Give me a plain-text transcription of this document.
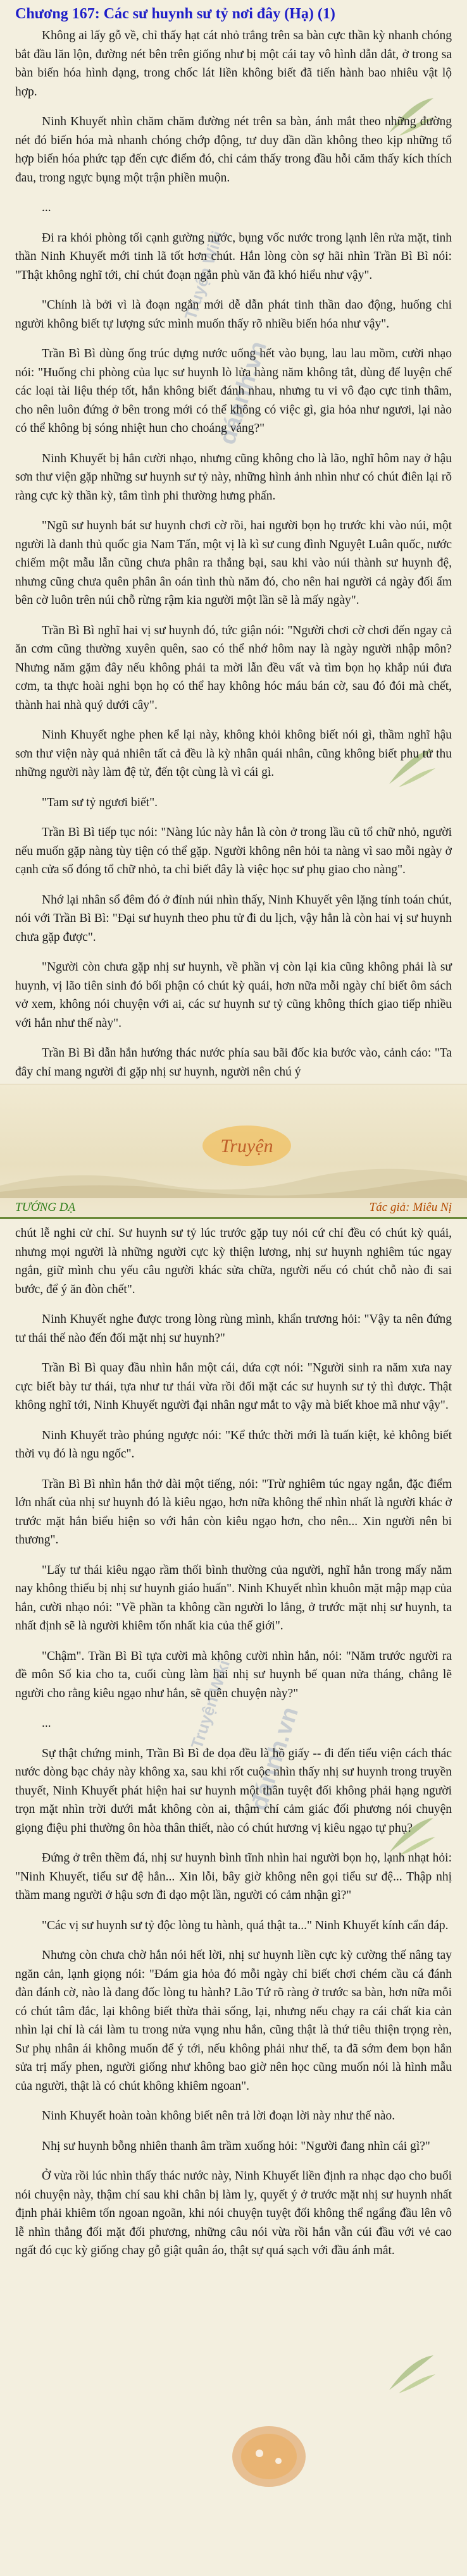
Truyện Wiki
đánnh.vn
Truyện Wiki đánnh.vn
Chương 167: Các sư huynh sư tỷ nơi đây (Hạ) (1)

Không ai lấy gỗ về, chỉ thấy hạt cát nhỏ trắng trên sa bàn cực thần kỳ nhanh chóng bắt đầu lăn lộn, đường nét bên trên giống như bị một cái tay vô hình dẫn dắt, ở trong sa bàn biến hóa hình dạng, trong chốc lát liền không biết đã tiến hành bao nhiêu vật lộ hợp.

Ninh Khuyết nhìn chăm chăm đường nét trên sa bàn, ánh mắt theo những đường nét đó biến hóa mà nhanh chóng chớp động, tư duy dần dần không theo kịp những tổ hợp biến hóa phức tạp đến cực điểm đó, chỉ cảm thấy trong đầu hỗi căm thấy kích thích đau, trong ngực bụng một trận phiền muộn.

...

Đi ra khỏi phòng tối cạnh gường nước, bụng vốc nước trong lạnh lên rửa mặt, tinh thần Ninh Khuyết mới tinh lã tốt hơn chút. Hắn lòng còn sợ hãi nhìn Trần Bì Bì nói: "Thật không nghĩ tới, chỉ chút đoạn ngắn phù văn đã khó hiểu như vậy".

"Chính là bởi vì là đoạn ngắn mới dễ dẫn phát tinh thần dao động, huống chi người không biết tự lượng sức mình muốn thấy rõ nhiều biến hóa như vậy".

Trần Bì Bì dùng ống trúc dựng nước uống hết vào bụng, lau lau mồm, cười nhạo nói: "Huống chi phòng của lục sư huynh lò lửa hàng năm không tắt, dùng để luyện chế các loại tài liệu thép tốt, hắn không biết đánh nhau, nhưng tu vi vô đạo cực tinh thâm, cho nên luôn đứng ở bên trong mới có thể không có việc gì, gia hỏa như ngươi, lại nào có thể không bị sóng nhiệt hun cho choáng váng?"

Ninh Khuyết bị hắn cười nhạo, nhưng cũng không cho là lão, nghĩ hôm nay ở hậu sơn thư viện gặp những sư huynh sư tỷ này, những hình ảnh nhìn như có chút điên lại rõ ràng cực kỳ thần kỳ, tâm tình phi thường hưng phấn.

"Ngũ sư huynh bát sư huynh chơi cờ rồi, hai người bọn họ trước khi vào núi, một người là danh thủ quốc gia Nam Tấn, một vị là kì sư cung đình Nguyệt Luân quốc, nước chiếm một mẫu lẫn cũng chưa phân ra thắng bại, sau khi vào núi thành sư huynh đệ, nhưng cũng chưa quên phân ân oán tình thù năm đó, cho nên hai người cả ngày đối ẩm bên cờ luôn trên núi chỗ rừng rậm kia người một lần sẽ là mấy ngày".

Trần Bì Bì nghĩ hai vị sư huynh đó, tức giận nói: "Người chơi cờ chơi đến ngay cả ăn cơm cũng thường xuyên quên, sao có thể nhớ hôm nay là ngày người nhập môn? Nhưng năm gặm đây nếu không phải ta mời lẫn đều vất và tìm bọn họ khắp núi đưa cơm, ta thực hoài nghi bọn họ có thể hay không hóc máu bán cờ, sau đó đói mà chết, thành hai nhà quý dưới cây".

Ninh Khuyết nghe phen kể lại này, không khỏi không biết nói gì, thầm nghĩ hậu sơn thư viện này quả nhiên tất cả đều là kỳ nhân quái nhân, cũng không biết phu tử thu những người này làm đệ tử, đến tột cùng là vì cái gì.

"Tam sư tỷ ngươi biết".

Trần Bì Bì tiếp tục nói: "Nàng lúc này hẳn là còn ở trong lầu cũ tổ chữ nhỏ, người nếu muốn gặp nàng tùy tiện có thể gặp. Người không nên hỏi ta nàng vì sao mỗi ngày ở cạnh cửa sổ đóng tổ chữ nhỏ, ta chỉ biết đây là việc học sư phụ giao cho nàng".

Nhớ lại nhân sổ đêm đó ở đỉnh núi nhìn thấy, Ninh Khuyết yên lặng tính toán chút, nói với Trần Bì Bì: "Đại sư huynh theo phu tử đi du lịch, vậy hẳn là còn hai vị sư huynh chưa gặp được".

"Người còn chưa gặp nhị sư huynh, về phần vị còn lại kia cũng không phải là sư huynh, vị lão tiên sinh đó bối phận có chút kỳ quái, hơn nữa mỗi ngày chỉ biết ôm sách vở xem, không nói chuyện với ai, các sư huynh sư tỷ cũng không thích giao tiếp nhiều với hắn như thế này".

Trần Bì Bì dẫn hắn hướng thác nước phía sau bãi đốc kia bước vào, cảnh cáo: "Ta đây chỉ mang người đi gặp nhị sư huynh, người nên chú ý

Truyện
TƯỚNG DẠ	Tác giả: Miêu Nị

chút lễ nghi cử chỉ. Sư huynh sư tỷ lúc trước gặp tuy nói cứ chỉ đều có chút kỳ quái, nhưng mọi người là những người cực kỳ thiện lương, nhị sư huynh nghiêm túc ngay ngắn, giữ mình chu yếu câu người khác sửa chữa, người nếu có chút chỗ nào đi sai bước, để ý ăn đòn chết".

Ninh Khuyết nghe được trong lòng rùng mình, khẩn trương hỏi: "Vậy ta nên đứng tư thái thế nào đến đối mặt nhị sư huynh?"

Trần Bì Bì quay đầu nhìn hắn một cái, dứa cợt nói: "Người sinh ra năm xưa nay cực biết bày tư thái, tựa như tư thái vừa rồi đối mặt các sư huynh sư tỷ thì được. Thật không nghĩ tới, Ninh Khuyết người đại nhân ngư mắt to vậy mà biết khoe mã như vậy".

Ninh Khuyết trào phúng ngược nói: "Kể thức thời mới là tuấn kiệt, kẻ không biết thời vụ đó là ngu ngốc".

Trần Bì Bì nhìn hắn thở dài một tiếng, nói: "Trừ nghiêm túc ngay ngắn, đặc điểm lớn nhất của nhị sư huynh đó là kiêu ngạo, hơn nữa không thể nhìn nhất là người khác ở trước mặt hắn biểu hiện so với hắn còn kiêu ngạo hơn, cho nên... Xin người nên bi thương".

"Lấy tư thái kiêu ngạo rầm thối bình thường của người, nghĩ hẳn trong mấy năm nay không thiếu bị nhị sư huynh giáo huấn". Ninh Khuyết nhìn khuôn mặt mập mạp của hắn, cười nhạo nói: "Về phần ta không cần người lo lắng, ở trước mặt nhị sư huynh, ta nhất định sẽ là người khiêm tốn nhất kia của thế giới".

"Chậm". Trần Bì Bì tựa cười mà không cười nhìn hắn, nói: "Năm trước người ra đề môn Số kia cho ta, cuối cùng làm hai nhị sư huynh bế quan nửa tháng, chẳng lẽ người cho rằng kiêu ngạo như hắn, sẽ quên chuyện này?"

...

Sự thật chứng minh, Trần Bì Bì đe dọa đều là hồ giấy -- đi đến tiểu viện cách thác nước dòng bạc chảy này không xa, sau khi rốt cuộc nhìn thấy nhị sư huynh trong truyền thuyết, Ninh Khuyết phát hiện hai sư huynh một thân tuyệt đối không phải hạng người trọn mặt nhìn trời dưới mắt không còn ai, thậm chí cảm giác đối phương nói chuyện giọng điệu phi thường ôn hòa thân thiết, nào có chút hương vị kiêu ngạo tự phụ?

Đứng ở trên thềm đá, nhị sư huynh bình tĩnh nhìn hai người bọn họ, lạnh nhạt hỏi: "Ninh Khuyết, tiểu sư đệ hẳn... Xin lỗi, bây giờ không nên gọi tiểu sư đệ... Thập nhị thầm mang người ở hậu sơn đi dạo một lần, người có cảm nhận gì?"

"Các vị sư huynh sư tỷ độc lòng tu hành, quá thật ta..." Ninh Khuyết kính cẩn đáp.

Nhưng còn chưa chờ hắn nói hết lời, nhị sư huynh liền cực kỳ cường thế nâng tay ngăn cản, lạnh giọng nói: "Đám gia hỏa đó mỗi ngày chỉ biết chơi chém cầu cá đánh đàn đánh cờ, nào là đang đốc lòng tu hành? Lão Tứ rõ ràng ở trước sa bàn, hơn nữa mỗi có chút tâm đắc, lại không biết thừa thải sống, lại, nhưng nếu chạy ra cái chất kia cản nhìn lại chỉ là cái làm tu trong nửa vụng nhu hắn, cũng thật là thứ tiêu thiện trọng rèn, Sư phụ nhân ái không muốn để ý tới, nếu không phải như thế, ta đã sớm đem bọn hắn sửa trị mấy phen, người giống như không bao giờ nên học cũng muốn nói là hình mẫu của người, thật là có chút không khiêm ngoan".

Ninh Khuyết hoàn toàn không biết nên trả lời đoạn lời này như thế nào.

Nhị sư huynh bỗng nhiên thanh âm trầm xuống hỏi: "Người đang nhìn cái gì?"

Ở vừa rồi lúc nhìn thấy thác nước này, Ninh Khuyết liền định ra nhạc dạo cho buổi nói chuyện này, thậm chí sau khi chân bị làm lỵ, quyết ý ở trước mặt nhị sư huynh nhất định phải khiêm tốn ngoan ngoãn, khi nói chuyện tuyệt đối không thể ngẩng đầu lên vô lễ nhìn thẳng đối mặt đối phương, những câu nói vừa rồi hắn vẫn cúi đầu với vẻ cao ngất đó cục kỳ giống chay gỗ giật quân áo, thật sự quá sạch với đầu ánh mắt.
